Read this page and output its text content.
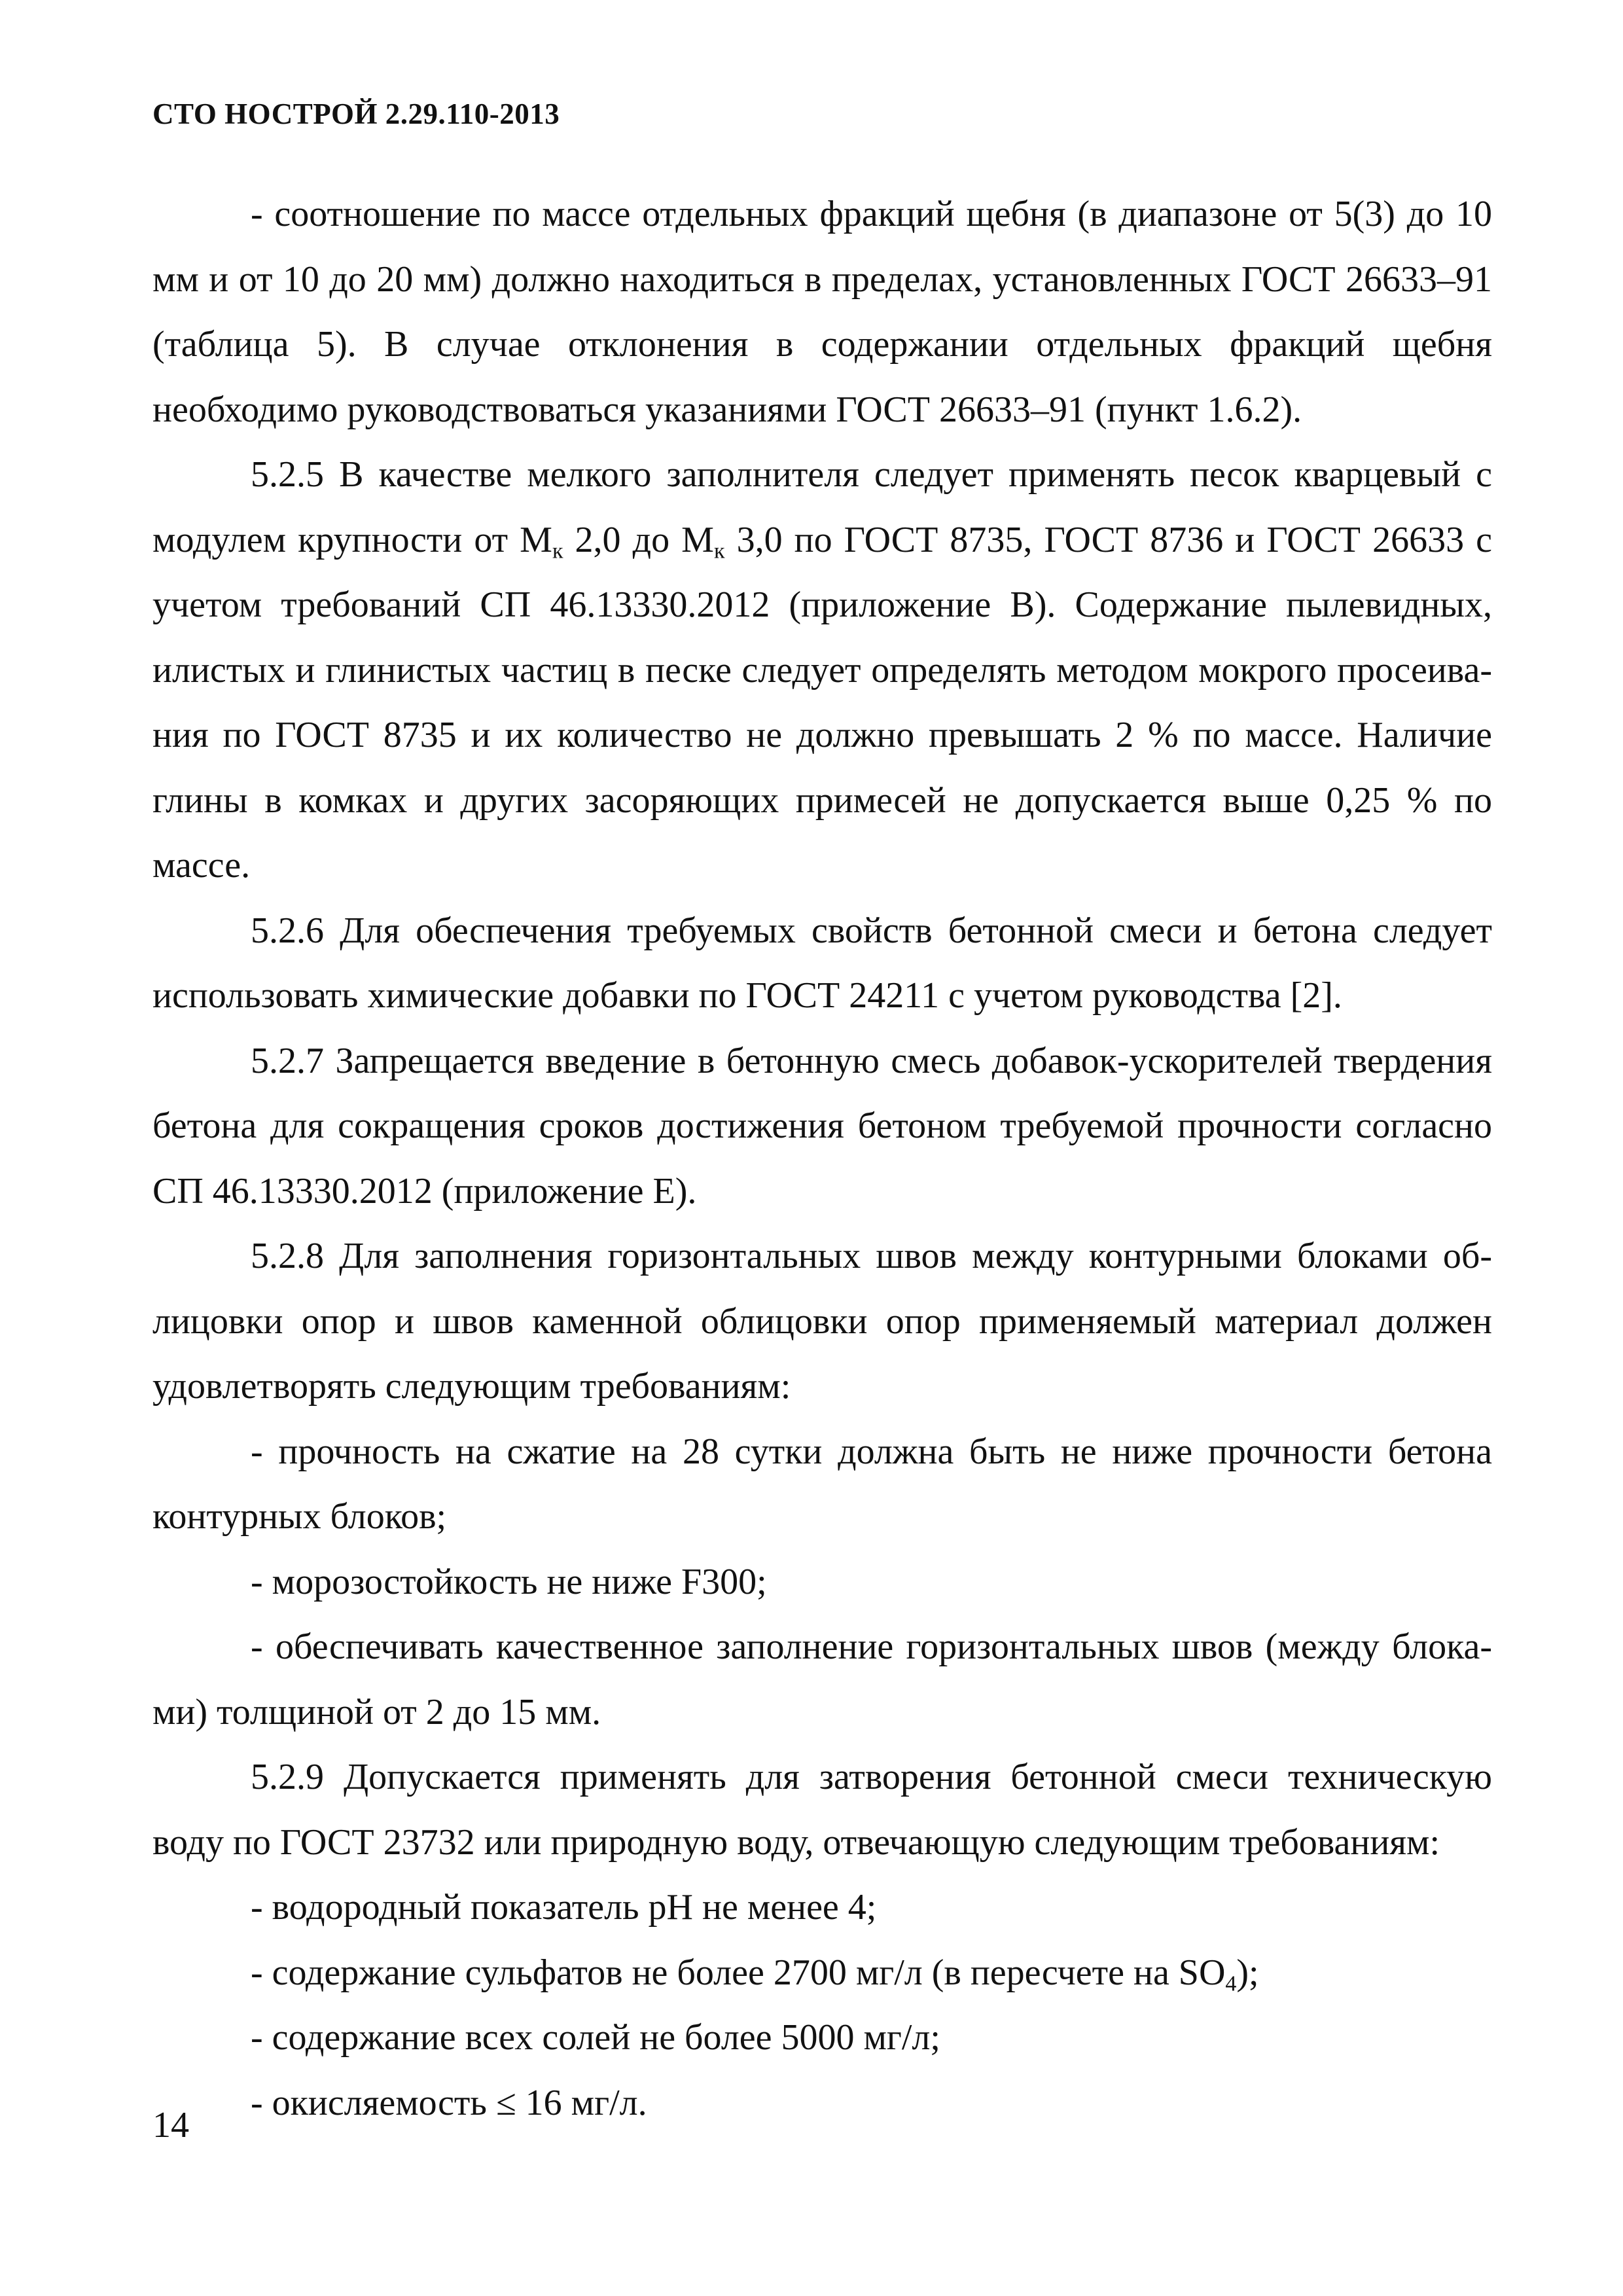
СТО НОСТРОЙ 2.29.110-2013

- соотношение по массе отдельных фракций щебня (в диапазоне от 5(3) до 10 мм и от 10 до 20 мм) должно находиться в пределах, установленных ГОСТ 26633–91 (таблица 5). В случае отклонения в содержании отдельных фракций щебня необходимо руководствоваться указаниями ГОСТ 26633–91 (пункт 1.6.2).

5.2.5 В качестве мелкого заполнителя следует применять песок кварцевый с модулем крупности от $М_к$ 2,0 до $М_к$ 3,0 по ГОСТ 8735, ГОСТ 8736 и ГОСТ 26633 с учетом требований СП 46.13330.2012 (приложение В). Содержание пылевидных, илистых и глинистых частиц в песке следует определять методом мокрого просеивания по ГОСТ 8735 и их количество не должно превышать 2 % по массе. Наличие глины в комках и других засоряющих примесей не допускается выше 0,25 % по массе.

5.2.6 Для обеспечения требуемых свойств бетонной смеси и бетона следует использовать химические добавки по ГОСТ 24211 с учетом руководства [2].

5.2.7 Запрещается введение в бетонную смесь добавок-ускорителей твердения бетона для сокращения сроков достижения бетоном требуемой прочности согласно СП 46.13330.2012 (приложение Е).

5.2.8 Для заполнения горизонтальных швов между контурными блоками облицовки опор и швов каменной облицовки опор применяемый материал должен удовлетворять следующим требованиям:

- прочность на сжатие на 28 сутки должна быть не ниже прочности бетона контурных блоков;

- морозостойкость не ниже F300;

- обеспечивать качественное заполнение горизонтальных швов (между блоками) толщиной от 2 до 15 мм.

5.2.9 Допускается применять для затворения бетонной смеси техническую воду по ГОСТ 23732 или природную воду, отвечающую следующим требованиям:

- водородный показатель pH не менее 4;

- содержание сульфатов не более 2700 мг/л (в пересчете на $SO_4$);

- содержание всех солей не более 5000 мг/л;

- окисляемость ≤ 16 мг/л.

14
